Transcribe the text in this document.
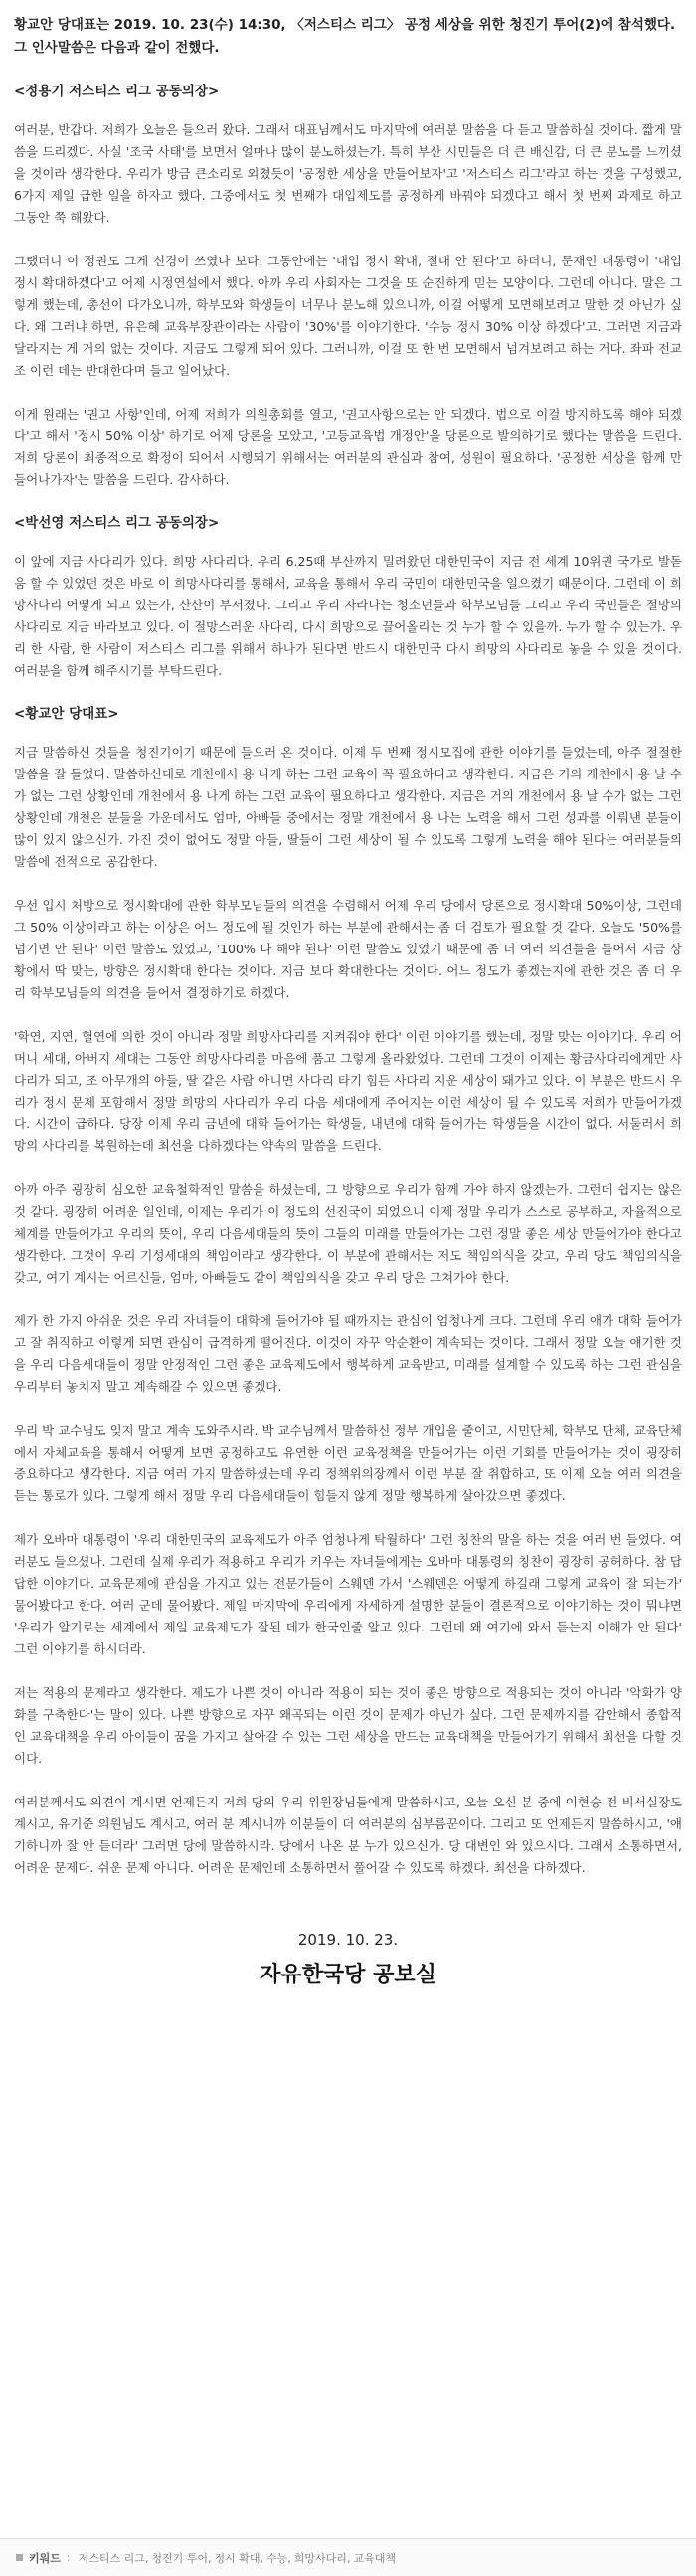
황교안 당대표는 2019. 10. 23(수) 14:30, 〈저스티스 리그〉 공정 세상을 위한 청진기 투어(2)에 참석했다. 그 인사말씀은 다음과 같이 전했다.

<정용기 저스티스 리그 공동의장>

여러분, 반갑다. 저희가 오늘은 들으러 왔다. 그래서 대표님께서도 마지막에 여러분 말씀을 다 듣고 말씀하실 것이다. 짧게 말씀을 드리겠다. 사실 '조국 사태'를 보면서 얼마나 많이 분노하셨는가. 특히 부산 시민들은 더 큰 배신감, 더 큰 분노를 느끼셨을 것이라 생각한다. 우리가 방금 큰소리로 외쳤듯이 '공정한 세상을 만들어보자'고 '저스티스 리그'라고 하는 것을 구성했고, 6가지 제일 급한 일을 하자고 했다. 그중에서도 첫 번째가 대입제도를 공정하게 바꿔야 되겠다고 해서 첫 번째 과제로 하고 그동안 쭉 해왔다.

그랬더니 이 정권도 그게 신경이 쓰였나 보다. 그동안에는 '대입 정시 확대, 절대 안 된다'고 하더니, 문재인 대통령이 '대입 정시 확대하겠다'고 어제 시정연설에서 했다. 아까 우리 사회자는 그것을 또 순진하게 믿는 모양이다. 그런데 아니다. 말은 그렇게 했는데, 총선이 다가오니까, 학부모와 학생들이 너무나 분노해 있으니까, 이걸 어떻게 모면해보려고 말한 것 아닌가 싶다. 왜 그러냐 하면, 유은혜 교육부장관이라는 사람이 '30%'를 이야기한다. '수능 정시 30% 이상 하겠다'고. 그러면 지금과 달라지는 게 거의 없는 것이다. 지금도 그렇게 되어 있다. 그러니까, 이걸 또 한 번 모면해서 넘겨보려고 하는 거다. 좌파 전교조 이런 데는 반대한다며 들고 일어났다.

이게 원래는 '권고 사항'인데, 어제 저희가 의원총회를 열고, '권고사항으로는 안 되겠다. 법으로 이걸 방지하도록 해야 되겠다'고 해서 '정시 50% 이상' 하기로 어제 당론을 모았고, '고등교육법 개정안'을 당론으로 발의하기로 했다는 말씀을 드린다. 저희 당론이 최종적으로 확정이 되어서 시행되기 위해서는 여러분의 관심과 참여, 성원이 필요하다. '공정한 세상을 함께 만들어나가자'는 말씀을 드린다. 감사하다.

<박선영 저스티스 리그 공동의장>

이 앞에 지금 사다리가 있다. 희망 사다리다. 우리 6.25때 부산까지 밀려왔던 대한민국이 지금 전 세계 10위권 국가로 발돋움 할 수 있었던 것은 바로 이 희망사다리를 통해서, 교육을 통해서 우리 국민이 대한민국을 일으켰기 때문이다. 그런데 이 희망사다리 어떻게 되고 있는가, 산산이 부서졌다. 그리고 우리 자라나는 청소년들과 학부모님들 그리고 우리 국민들은 절망의 사다리로 지금 바라보고 있다. 이 절망스러운 사다리, 다시 희망으로 끌어올리는 것 누가 할 수 있을까. 누가 할 수 있는가. 우리 한 사람, 한 사람이 저스티스 리그를 위해서 하나가 된다면 반드시 대한민국 다시 희망의 사다리로 놓을 수 있을 것이다. 여러분을 함께 해주시기를 부탁드린다.

<황교안 당대표>

지금 말씀하신 것들을 청진기이기 때문에 들으러 온 것이다. 이제 두 번째 정시모집에 관한 이야기를 들었는데, 아주 절절한 말씀을 잘 들었다. 말씀하신대로 개천에서 용 나게 하는 그런 교육이 꼭 필요하다고 생각한다. 지금은 거의 개천에서 용 날 수가 없는 그런 상황인데 개천에서 용 나게 하는 그런 교육이 필요하다고 생각한다. 지금은 거의 개천에서 용 날 수가 없는 그런 상황인데 개천은 분들을 가운데서도 엄마, 아빠들 중에서는 정말 개천에서 용 나는 노력을 해서 그런 성과를 이뤄낸 분들이 많이 있지 않으신가. 가진 것이 없어도 정말 아들, 딸들이 그런 세상이 될 수 있도록 그렇게 노력을 해야 된다는 여러분들의 말씀에 전적으로 공감한다.

우선 입시 처방으로 정시확대에 관한 학부모님들의 의견을 수렴해서 어제 우리 당에서 당론으로 정시확대 50%이상, 그런데 그 50% 이상이라고 하는 이상은 어느 정도에 될 것인가 하는 부분에 관해서는 좀 더 검토가 필요할 것 같다. 오늘도 '50%를 넘기면 안 된다' 이런 말씀도 있었고, '100% 다 해야 된다' 이런 말씀도 있었기 때문에 좀 더 여러 의견들을 들어서 지금 상황에서 딱 맞는, 방향은 정시확대 한다는 것이다. 지금 보다 확대한다는 것이다. 어느 정도가 좋겠는지에 관한 것은 좀 더 우리 학부모님들의 의견을 들어서 결정하기로 하겠다.

'학연, 지연, 혈연에 의한 것이 아니라 정말 희망사다리를 지켜줘야 한다' 이런 이야기를 했는데, 정말 맞는 이야기다. 우리 어머니 세대, 아버지 세대는 그동안 희망사다리를 마음에 품고 그렇게 올라왔었다. 그런데 그것이 이제는 황금사다리에게만 사다리가 되고, 조 아무개의 아들, 딸 같은 사람 아니면 사다리 타기 힘든 사다리 지운 세상이 돼가고 있다. 이 부분은 반드시 우리가 정시 문제 포함해서 정말 희망의 사다리가 우리 다음 세대에게 주어지는 이런 세상이 될 수 있도록 저희가 만들어가겠다. 시간이 급하다. 당장 이제 우리 금년에 대학 들어가는 학생들, 내년에 대학 들어가는 학생들을 시간이 없다. 서둘러서 희망의 사다리를 복원하는데 최선을 다하겠다는 약속의 말씀을 드린다.

아까 아주 굉장히 심오한 교육철학적인 말씀을 하셨는데, 그 방향으로 우리가 함께 가야 하지 않겠는가. 그런데 쉽지는 않은 것 같다. 굉장히 어려운 일인데, 이제는 우리가 이 정도의 선진국이 되었으니 이제 정말 우리가 스스로 공부하고, 자율적으로 체계를 만들어가고 우리의 뜻이, 우리 다음세대들의 뜻이 그들의 미래를 만들어가는 그런 정말 좋은 세상 만들어가야 한다고 생각한다. 그것이 우리 기성세대의 책임이라고 생각한다. 이 부분에 관해서는 저도 책임의식을 갖고, 우리 당도 책임의식을 갖고, 여기 계시는 어르신들, 엄마, 아빠들도 같이 책임의식을 갖고 우리 당은 고쳐가야 한다.

제가 한 가지 아쉬운 것은 우리 자녀들이 대학에 들어가야 될 때까지는 관심이 엄청나게 크다. 그런데 우리 애가 대학 들어가고 잘 취직하고 이렇게 되면 관심이 급격하게 떨어진다. 이것이 자꾸 악순환이 계속되는 것이다. 그래서 정말 오늘 얘기한 것을 우리 다음세대들이 정말 안정적인 그런 좋은 교육제도에서 행복하게 교육받고, 미래를 설계할 수 있도록 하는 그런 관심을 우리부터 놓치지 말고 계속해갈 수 있으면 좋겠다.

우리 박 교수님도 잊지 말고 계속 도와주시라. 박 교수님께서 말씀하신 정부 개입을 줄이고, 시민단체, 학부모 단체, 교육단체에서 자체교육을 통해서 어떻게 보면 공정하고도 유연한 이런 교육정책을 만들어가는 이런 기회를 만들어가는 것이 굉장히 중요하다고 생각한다. 지금 여러 가지 말씀하셨는데 우리 정책위의장께서 이런 부분 잘 취합하고, 또 이제 오늘 여러 의견을 듣는 통로가 있다. 그렇게 해서 정말 우리 다음세대들이 힘들지 않게 정말 행복하게 살아갔으면 좋겠다.

제가 오바마 대통령이 '우리 대한민국의 교육제도가 아주 엄청나게 탁월하다' 그런 칭찬의 말을 하는 것을 여러 번 들었다. 여러분도 들으셨나. 그런데 실제 우리가 적용하고 우리가 키우는 자녀들에게는 오바마 대통령의 칭찬이 굉장히 공허하다. 참 답답한 이야기다. 교육문제에 관심을 가지고 있는 전문가들이 스웨덴 가서 '스웨덴은 어떻게 하길래 그렇게 교육이 잘 되는가' 물어봤다고 한다. 여러 군데 물어봤다. 제일 마지막에 우리에게 자세하게 설명한 분들이 결론적으로 이야기하는 것이 뭐냐면 '우리가 알기로는 세계에서 제일 교육제도가 잘된 데가 한국인줄 알고 있다. 그런데 왜 여기에 와서 듣는지 이해가 안 된다' 그런 이야기를 하시더라.

저는 적용의 문제라고 생각한다. 제도가 나쁜 것이 아니라 적용이 되는 것이 좋은 방향으로 적용되는 것이 아니라 '악화가 양화를 구축한다'는 말이 있다. 나쁜 방향으로 자꾸 왜곡되는 이런 것이 문제가 아닌가 싶다. 그런 문제까지를 감안해서 종합적인 교육대책을 우리 아이들이 꿈을 가지고 살아갈 수 있는 그런 세상을 만드는 교육대책을 만들어가기 위해서 최선을 다할 것이다.

여러분께서도 의견이 계시면 언제든지 저희 당의 우리 위원장님들에게 말씀하시고, 오늘 오신 분 중에 이현승 전 비서실장도 계시고, 유기준 의원님도 계시고, 여러 분 계시니까 이분들이 더 여러분의 심부름꾼이다. 그리고 또 언제든지 말씀하시고, '얘기하니까 잘 안 듣더라' 그러면 당에 말씀하시라. 당에서 나온 분 누가 있으신가. 당 대변인 와 있으시다. 그래서 소통하면서, 어려운 문제다. 쉬운 문제 아니다. 어려운 문제인데 소통하면서 풀어갈 수 있도록 하겠다. 최선을 다하겠다.

2019. 10. 23.
자유한국당 공보실
키워드 : 저스티스 리그, 청진기 투어, 정시 확대, 수능, 희망사다리, 교육대책
